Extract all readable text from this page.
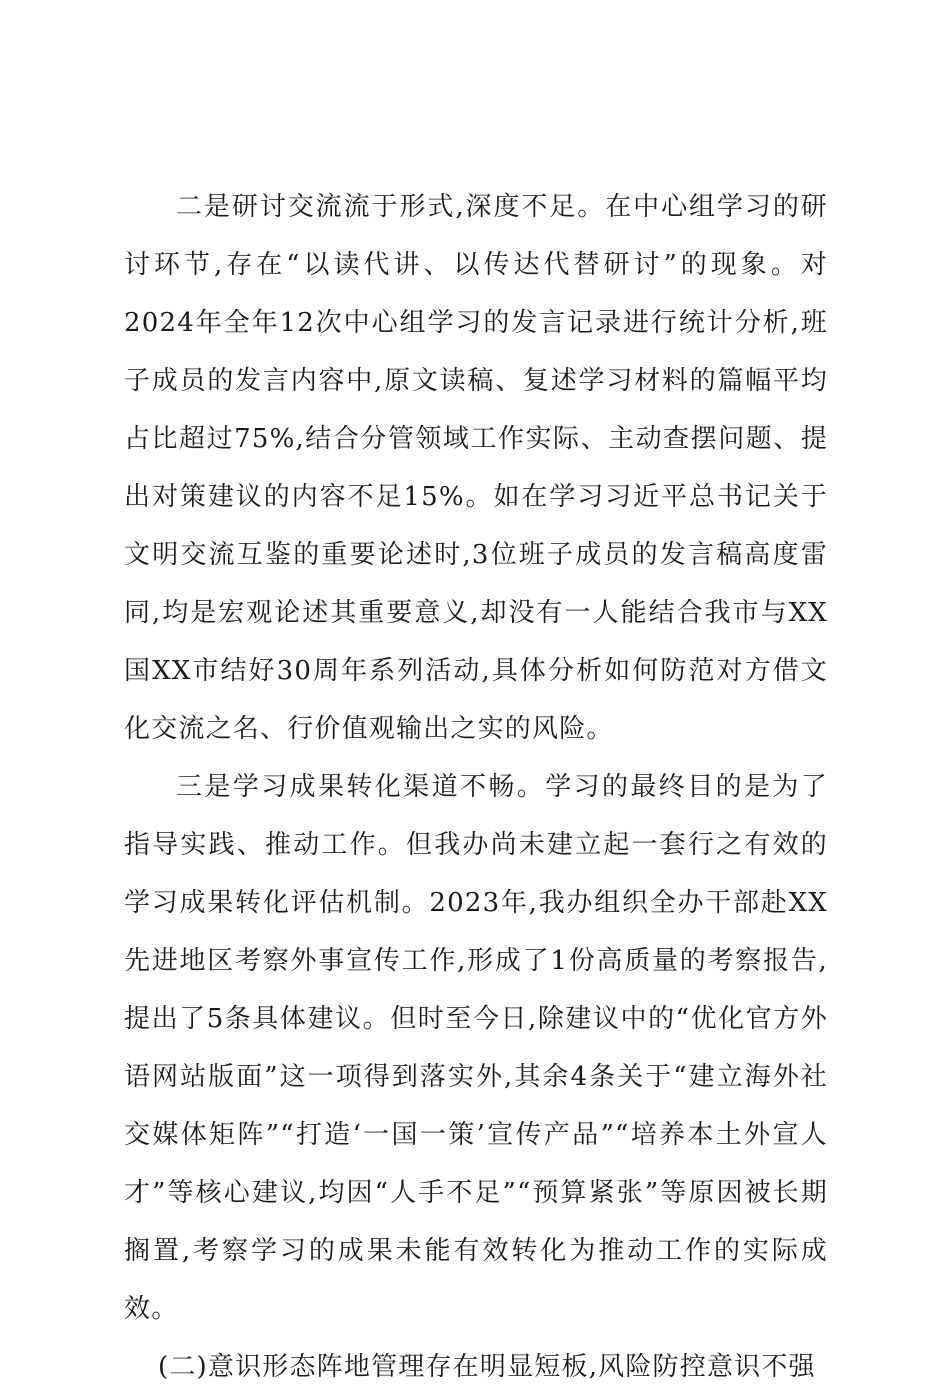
二是研讨交流流于形式,深度不足。在中心组学习的研讨环节,存在“以读代讲、以传达代替研讨”的现象。对2024年全年12次中心组学习的发言记录进行统计分析,班子成员的发言内容中,原文读稿、复述学习材料的篇幅平均占比超过75%,结合分管领域工作实际、主动查摆问题、提出对策建议的内容不足15%。如在学习习近平总书记关于文明交流互鉴的重要论述时,3位班子成员的发言稿高度雷同,均是宏观论述其重要意义,却没有一人能结合我市与XX国XX市结好30周年系列活动,具体分析如何防范对方借文化交流之名、行价值观输出之实的风险。

三是学习成果转化渠道不畅。学习的最终目的是为了指导实践、推动工作。但我办尚未建立起一套行之有效的学习成果转化评估机制。2023年,我办组织全办干部赴XX先进地区考察外事宣传工作,形成了1份高质量的考察报告,提出了5条具体建议。但时至今日,除建议中的“优化官方外语网站版面”这一项得到落实外,其余4条关于“建立海外社交媒体矩阵”“打造‘一国一策’宣传产品”“培养本土外宣人才”等核心建议,均因“人手不足”“预算紧张”等原因被长期搁置,考察学习的成果未能有效转化为推动工作的实际成效。

(二)意识形态阵地管理存在明显短板,风险防控意识不强
